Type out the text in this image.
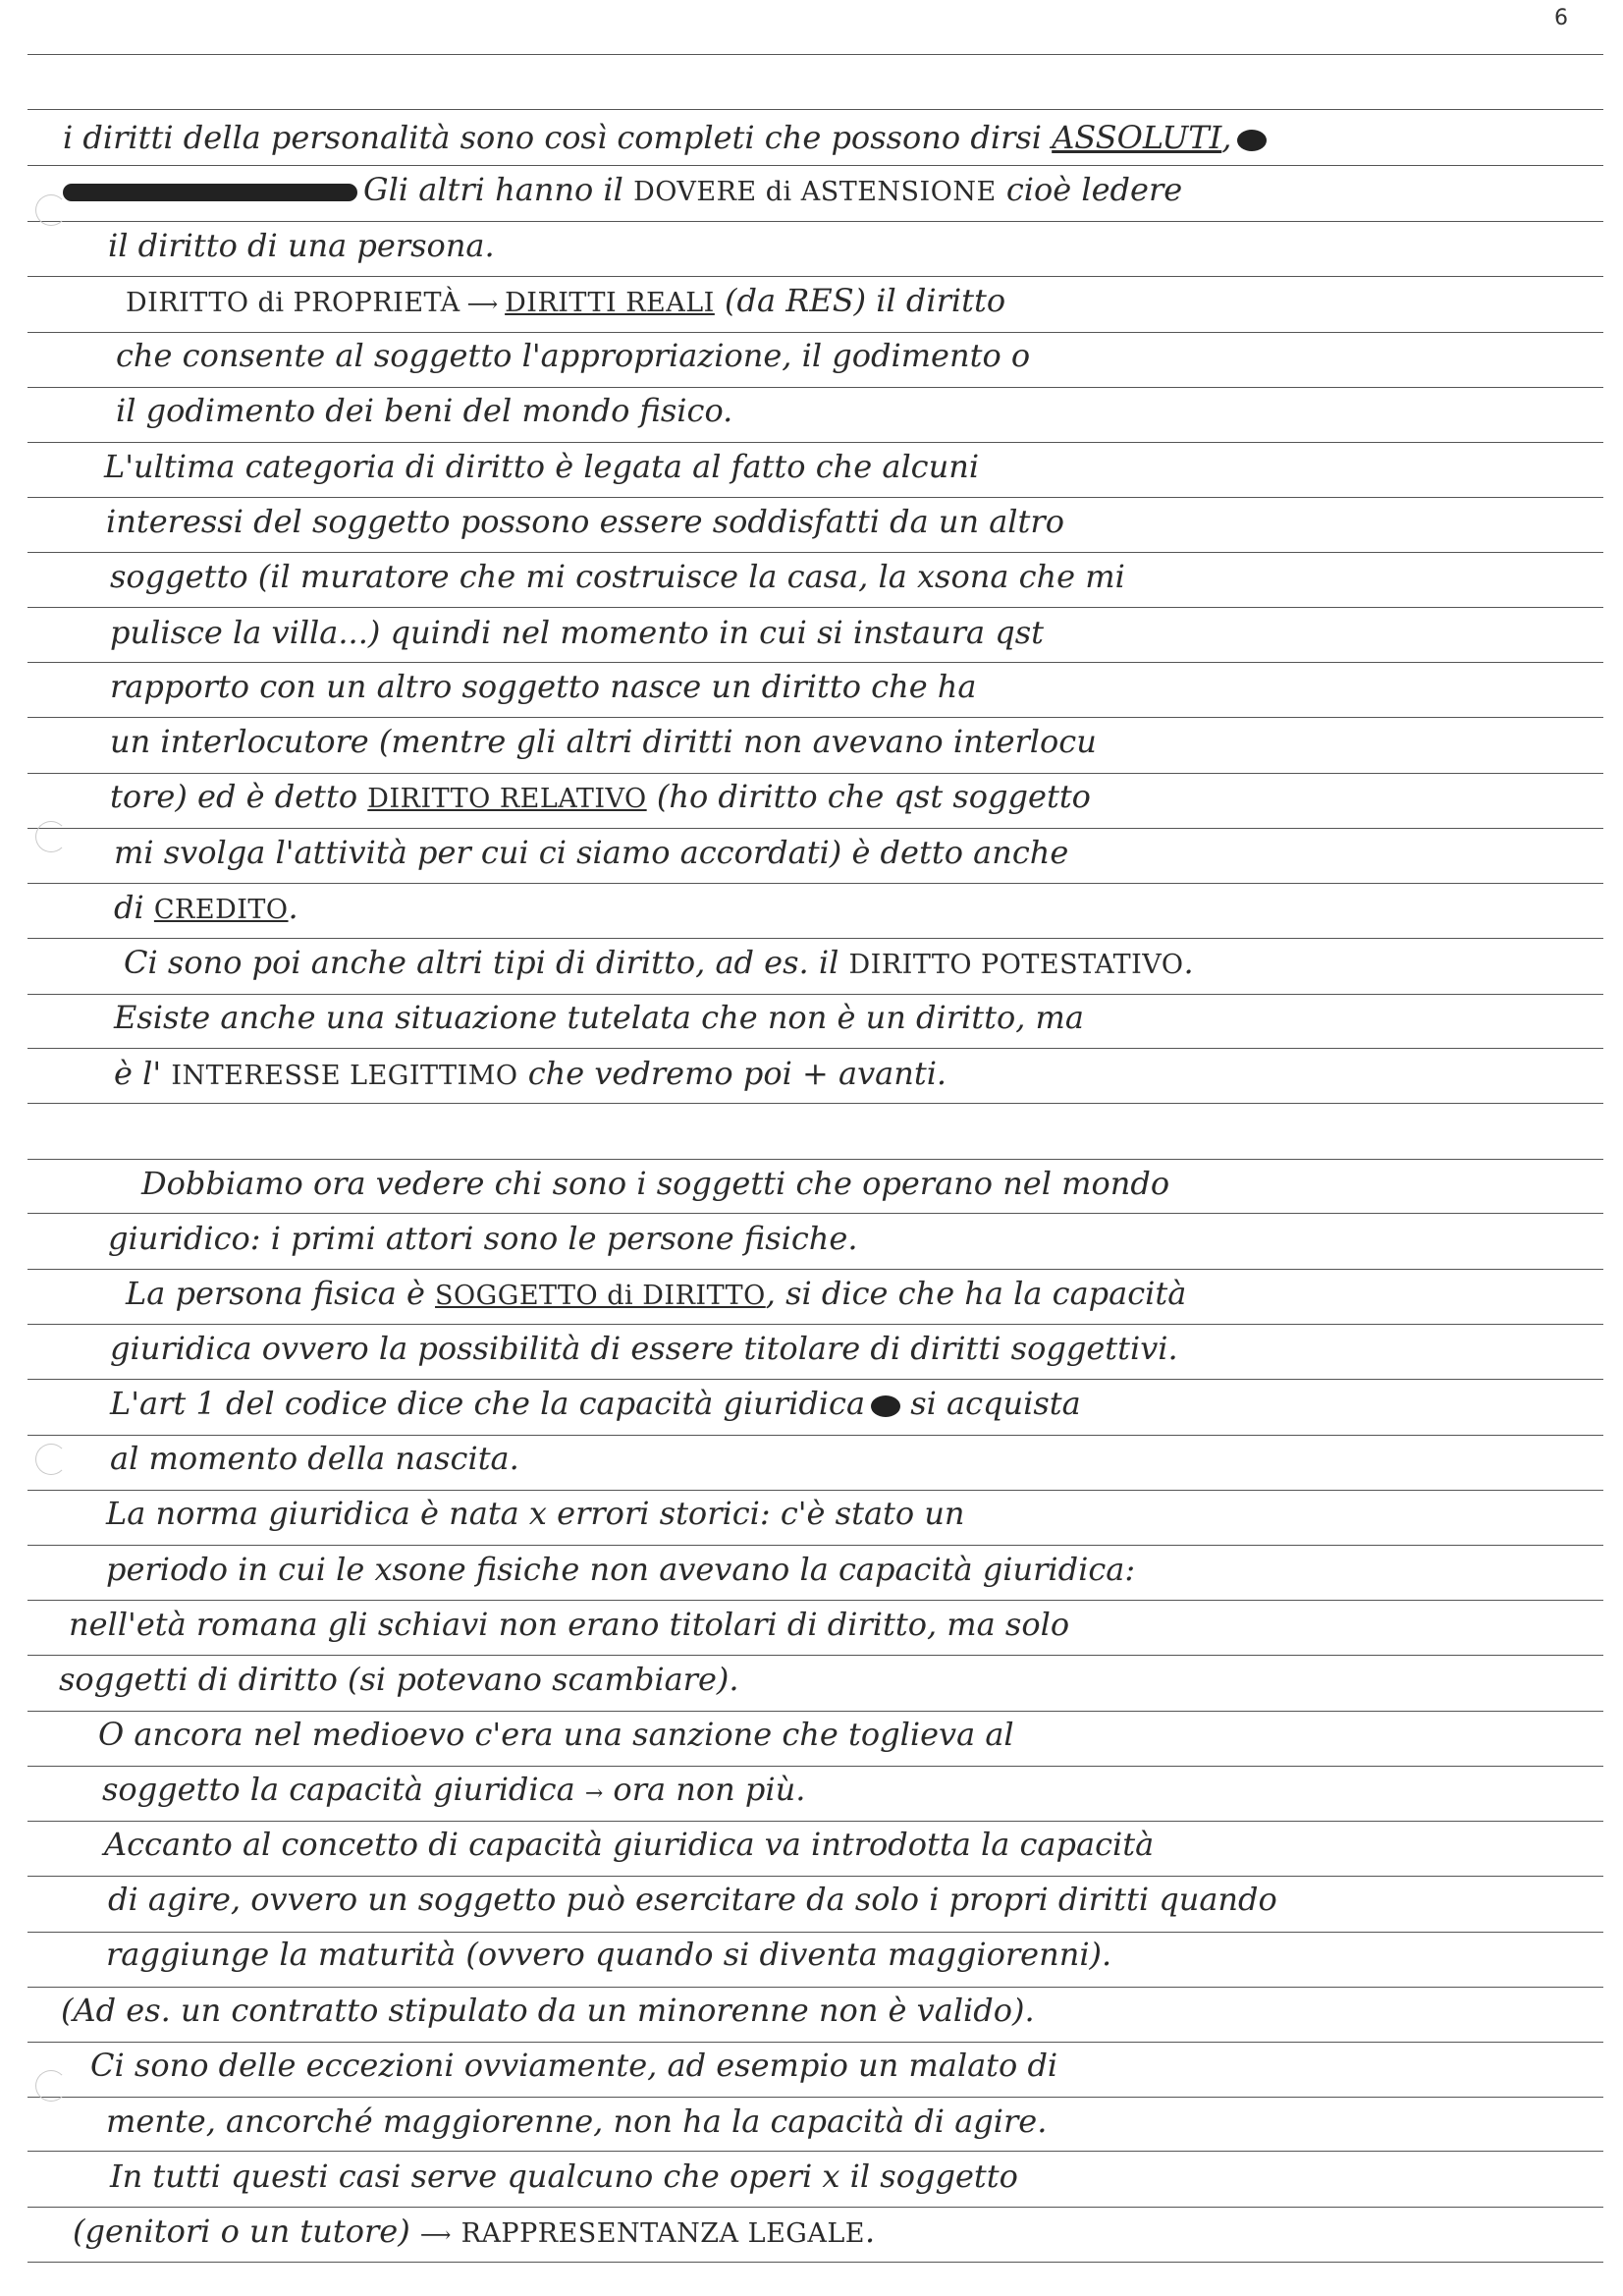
6
i diritti della personalità sono così completi che possono dirsi ASSOLUTI,
Gli altri hanno il DOVERE di ASTENSIONE cioè ledere
il diritto di una persona.
DIRITTO di PROPRIETÀ ⟶ DIRITTI REALI (da RES) il diritto
che consente al soggetto l'appropriazione, il godimento o
il godimento dei beni del mondo fisico.
L'ultima categoria di diritto è legata al fatto che alcuni
interessi del soggetto possono essere soddisfatti da un altro
soggetto (il muratore che mi costruisce la casa, la xsona che mi
pulisce la villa...) quindi nel momento in cui si instaura qst
rapporto con un altro soggetto nasce un diritto che ha
un interlocutore (mentre gli altri diritti non avevano interlocu
tore) ed è detto DIRITTO RELATIVO (ho diritto che qst soggetto
mi svolga l'attività per cui ci siamo accordati) è detto anche
di CREDITO.
Ci sono poi anche altri tipi di diritto, ad es. il DIRITTO POTESTATIVO.
Esiste anche una situazione tutelata che non è un diritto, ma
è l' INTERESSE LEGITTIMO che vedremo poi + avanti.
Dobbiamo ora vedere chi sono i soggetti che operano nel mondo
giuridico: i primi attori sono le persone fisiche.
La persona fisica è SOGGETTO di DIRITTO, si dice che ha la capacità
giuridica ovvero la possibilità di essere titolare di diritti soggettivi.
L'art 1 del codice dice che la capacità giuridica si acquista
al momento della nascita.
La norma giuridica è nata x errori storici: c'è stato un
periodo in cui le xsone fisiche non avevano la capacità giuridica:
nell'età romana gli schiavi non erano titolari di diritto, ma solo
soggetti di diritto (si potevano scambiare).
O ancora nel medioevo c'era una sanzione che toglieva al
soggetto la capacità giuridica → ora non più.
Accanto al concetto di capacità giuridica va introdotta la capacità
di agire, ovvero un soggetto può esercitare da solo i propri diritti quando
raggiunge la maturità (ovvero quando si diventa maggiorenni).
(Ad es. un contratto stipulato da un minorenne non è valido).
Ci sono delle eccezioni ovviamente, ad esempio un malato di
mente, ancorché maggiorenne, non ha la capacità di agire.
In tutti questi casi serve qualcuno che operi x il soggetto
(genitori o un tutore) ⟶ RAPPRESENTANZA LEGALE.
